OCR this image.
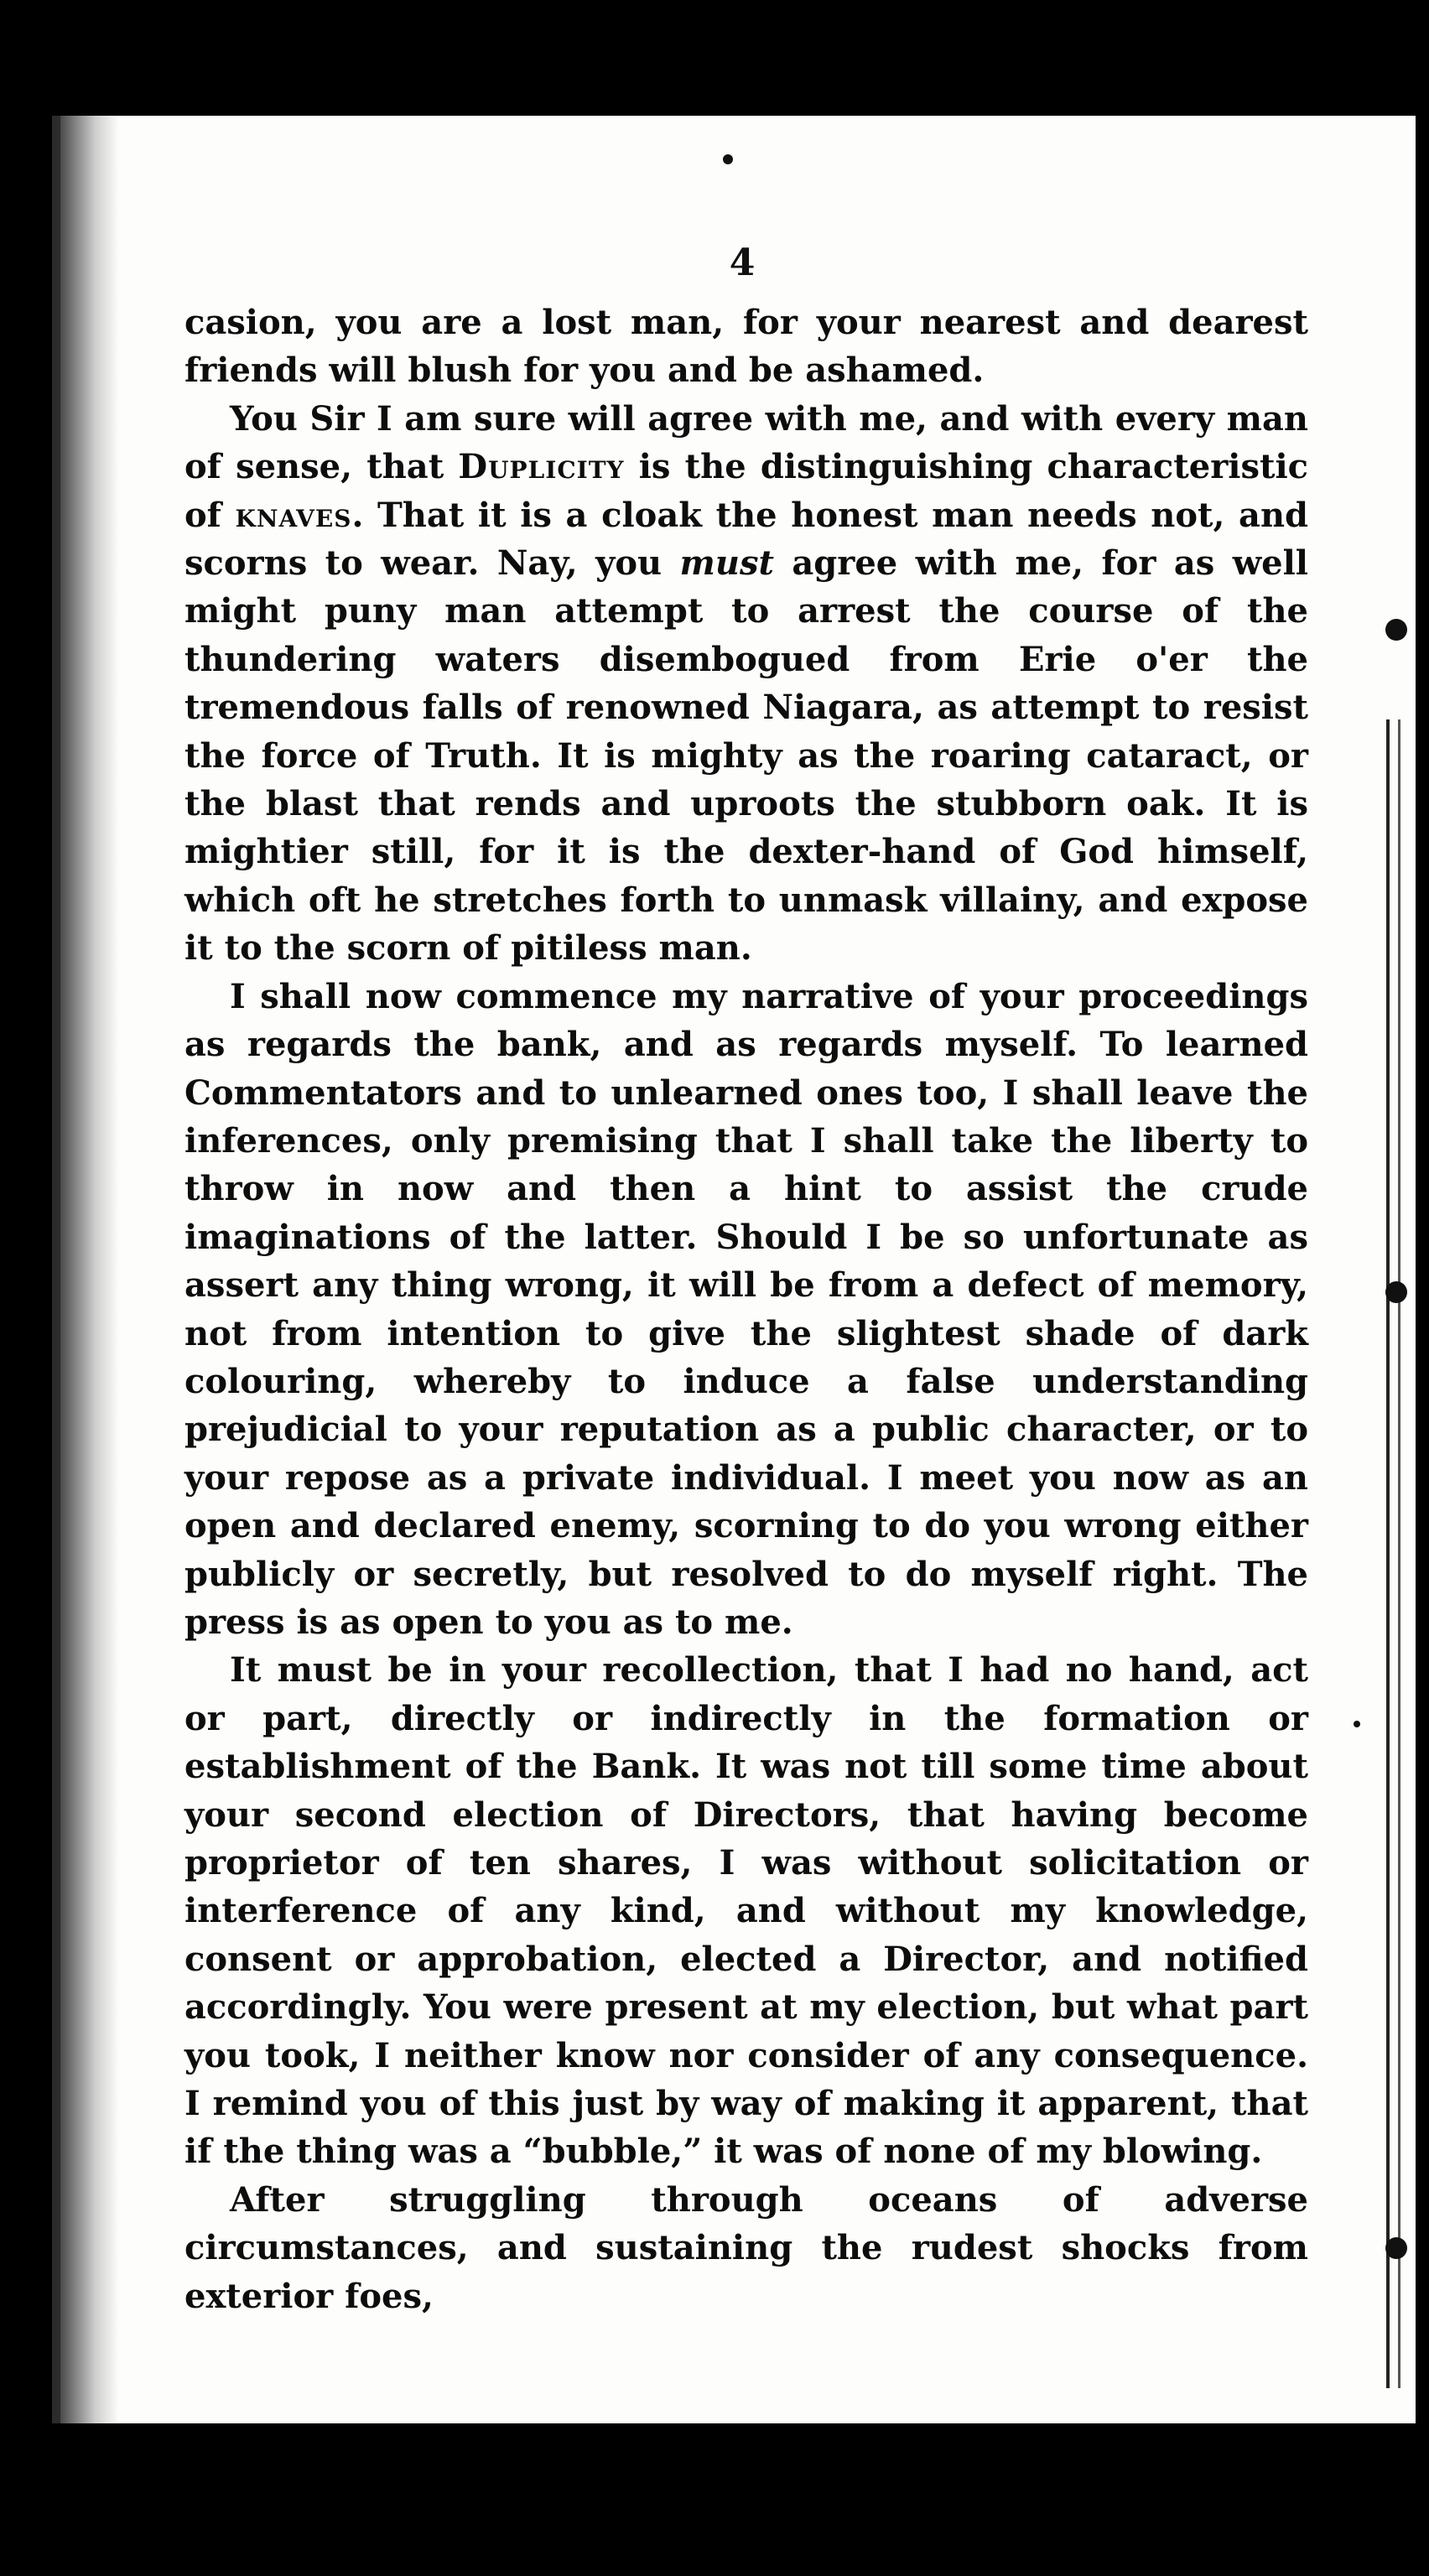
4

casion, you are a lost man, for your nearest and dearest friends will blush for you and be ashamed.

You Sir I am sure will agree with me, and with every man of sense, that Duplicity is the distinguishing characteristic of knaves. That it is a cloak the honest man needs not, and scorns to wear. Nay, you must agree with me, for as well might puny man attempt to arrest the course of the thundering waters disembogued from Erie o'er the tremendous falls of renowned Niagara, as attempt to resist the force of Truth. It is mighty as the roaring cataract, or the blast that rends and uproots the stubborn oak. It is mightier still, for it is the dexter-hand of God himself, which oft he stretches forth to unmask villainy, and expose it to the scorn of pitiless man.

I shall now commence my narrative of your proceedings as regards the bank, and as regards myself. To learned Commentators and to unlearned ones too, I shall leave the inferences, only premising that I shall take the liberty to throw in now and then a hint to assist the crude imaginations of the latter. Should I be so unfortunate as assert any thing wrong, it will be from a defect of memory, not from intention to give the slightest shade of dark colouring, whereby to induce a false understanding prejudicial to your reputation as a public character, or to your repose as a private individual. I meet you now as an open and declared enemy, scorning to do you wrong either publicly or secretly, but resolved to do myself right. The press is as open to you as to me.

It must be in your recollection, that I had no hand, act or part, directly or indirectly in the formation or establishment of the Bank. It was not till some time about your second election of Directors, that having become proprietor of ten shares, I was without solicitation or interference of any kind, and without my knowledge, consent or approbation, elected a Director, and notified accordingly. You were present at my election, but what part you took, I neither know nor consider of any consequence. I remind you of this just by way of making it apparent, that if the thing was a “bubble,” it was of none of my blowing.

After struggling through oceans of adverse circumstances, and sustaining the rudest shocks from exterior foes,
